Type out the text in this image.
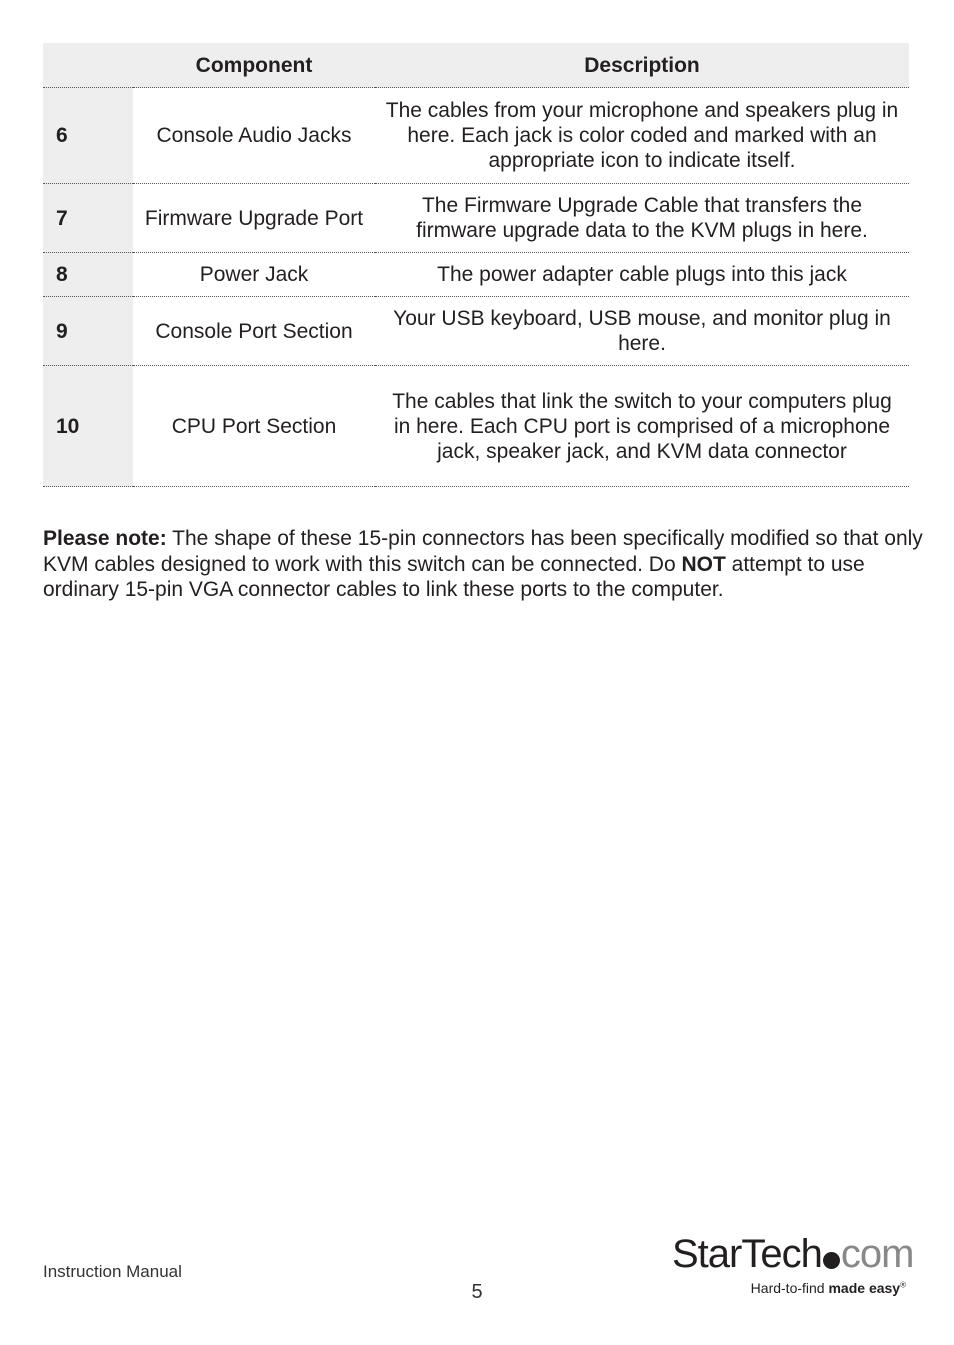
	Component	Description
6	Console Audio Jacks	The cables from your microphone and speakers plug in here. Each jack is color coded and marked with an appropriate icon to indicate itself.
7	Firmware Upgrade Port	The Firmware Upgrade Cable that transfers the firmware upgrade data to the KVM plugs in here.
8	Power Jack	The power adapter cable plugs into this jack
9	Console Port Section	Your USB keyboard, USB mouse, and monitor plug in here.
10	CPU Port Section	The cables that link the switch to your computers plug in here. Each CPU port is comprised of a microphone jack, speaker jack, and KVM data connector

Please note: The shape of these 15-pin connectors has been specifically modified so that only KVM cables designed to work with this switch can be connected. Do NOT attempt to use ordinary 15-pin VGA connector cables to link these ports to the computer.

Instruction Manual
5
StarTech com
Hard-to-find made easy®
